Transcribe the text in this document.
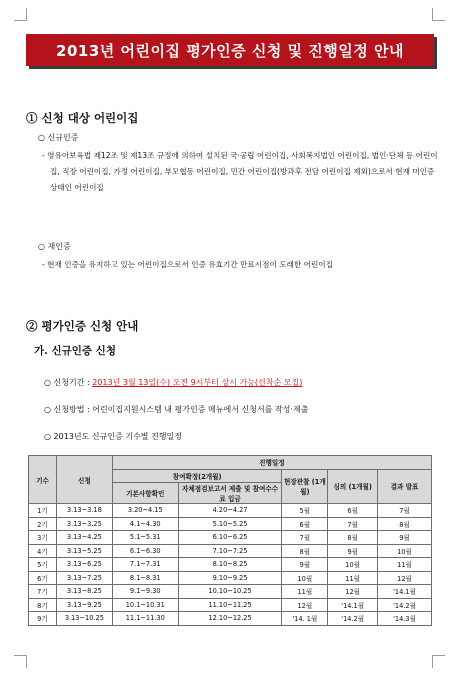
2013년 어린이집 평가인증 신청 및 진행일정 안내
① 신청 대상 어린이집
○ 신규인증
- 영유아보육법 제12조 및 제13조 규정에 의하여 설치된 국·공립 어린이집, 사회복지법인 어린이집, 법인·단체 등 어린이집, 직장 어린이집, 가정 어린이집, 부모협동 어린이집, 민간 어린이집(방과후 전담 어린이집 제외)으로서 현재 미인증 상태인 어린이집
○ 재인증
- 현재 인증을 유지하고 있는 어린이집으로서 인증 유효기간 만료시점이 도래한 어린이집
② 평가인증 신청 안내
가. 신규인증 신청
○ 신청기간 : 2013년 3월 13일(수) 오전 9시부터 상시 가능(선착순 모집)
○ 신청방법 : 어린이집지원시스템 내 평가인증 메뉴에서 신청서를 작성·제출
○ 2013년도 신규인증 기수별 진행일정
기수	신청	진행일정				
		참여확정(2개월)		현장관찰 (1개월)	심의 (1개월)	결과 발표
		기본사항확인	자체점검보고서 제출 및 참여수수료 입금			
1기	3.13~3.18	3.20~4.15	4.20~4.27	5월	6월	7월
2기	3.13~3.25	4.1~4.30	5.10~5.25	6월	7월	8월
3기	3.13~4.25	5.1~5.31	6.10~6.25	7월	8월	9월
4기	3.13~5.25	6.1~6.30	7.10~7.25	8월	9월	10월
5기	3.13~6.25	7.1~7.31	8.10~8.25	9월	10월	11월
6기	3.13~7.25	8.1~8.31	9.10~9.25	10월	11월	12월
7기	3.13~8.25	9.1~9.30	10.10~10.25	11월	12월	'14.1월
8기	3.13~9.25	10.1~10.31	11.10~11.25	12월	'14.1월	'14.2월
9기	3.13~10.25	11.1~11.30	12.10~12.25	'14. 1월	'14.2월	'14.3월
